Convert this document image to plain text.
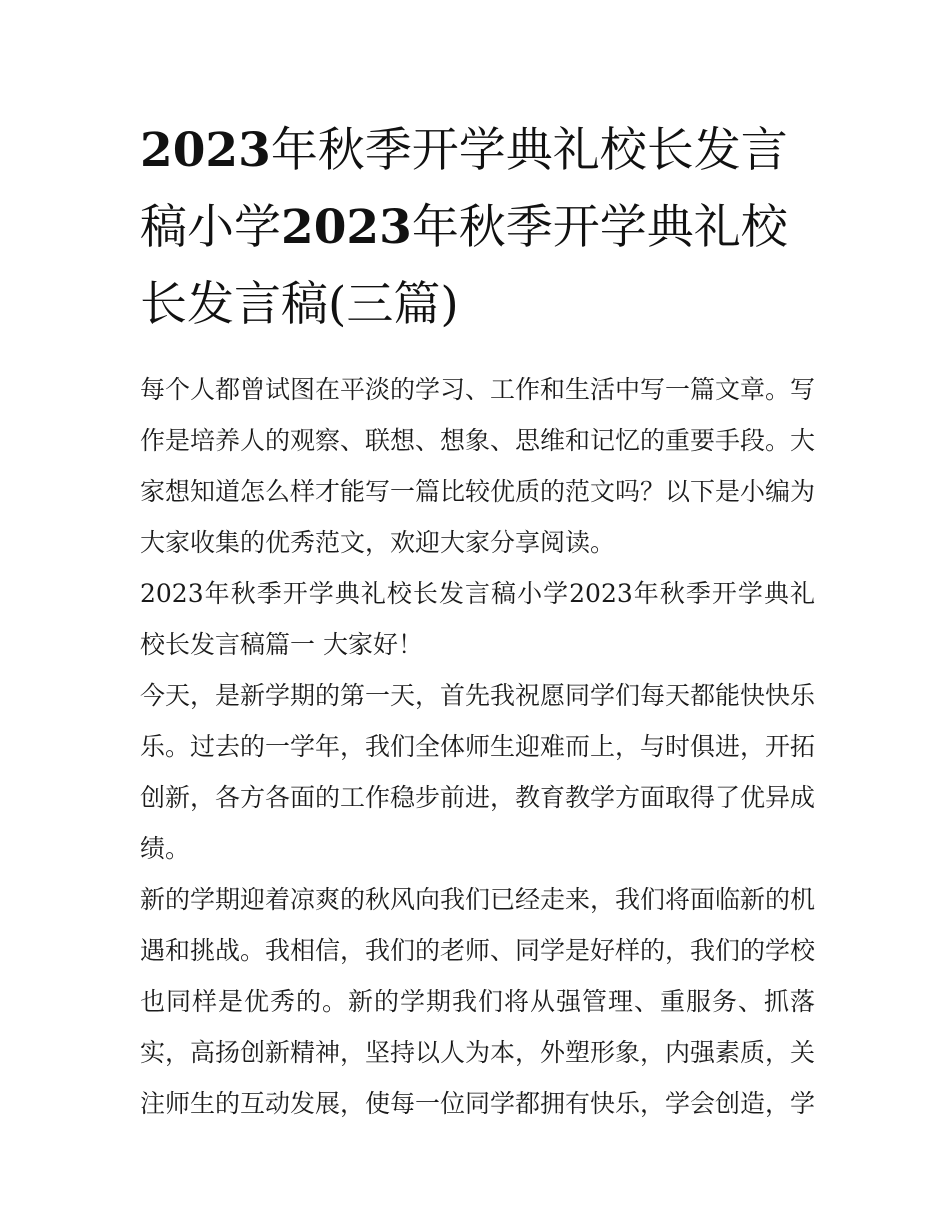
2023年秋季开学典礼校长发言稿小学2023年秋季开学典礼校长发言稿(三篇)

每个人都曾试图在平淡的学习、工作和生活中写一篇文章。写作是培养人的观察、联想、想象、思维和记忆的重要手段。大家想知道怎么样才能写一篇比较优质的范文吗？以下是小编为大家收集的优秀范文，欢迎大家分享阅读。

2023年秋季开学典礼校长发言稿小学2023年秋季开学典礼校长发言稿篇一 大家好！

今天，是新学期的第一天，首先我祝愿同学们每天都能快快乐乐。过去的一学年，我们全体师生迎难而上，与时俱进，开拓创新，各方各面的工作稳步前进，教育教学方面取得了优异成绩。

新的学期迎着凉爽的秋风向我们已经走来，我们将面临新的机遇和挑战。我相信，我们的老师、同学是好样的，我们的学校也同样是优秀的。新的学期我们将从强管理、重服务、抓落实，高扬创新精神，坚持以人为本，外塑形象，内强素质，关注师生的互动发展，使每一位同学都拥有快乐，学会创造，学
